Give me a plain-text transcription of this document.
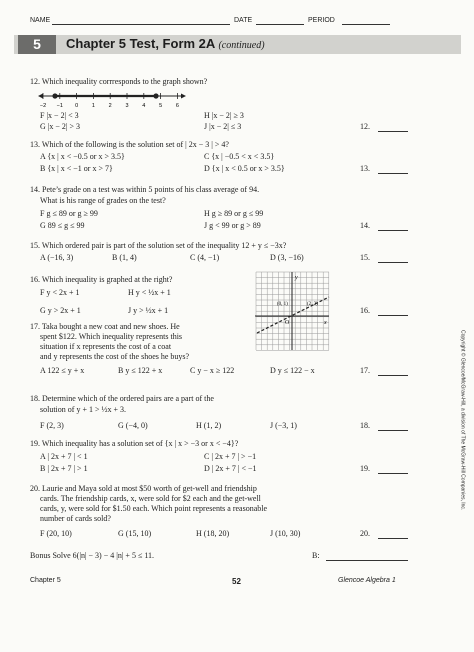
NAME	DATE	PERIOD
5	Chapter 5 Test, Form 2A (continued)
12. Which inequality corrresponds to the graph shown?
−2 −1 0 1 2 3 4 5 6
F |x − 2| < 3
G |x − 2| > 3
H |x − 2| ≥ 3
J |x − 2| ≤ 3	12.
13. Which of the following is the solution set of | 2x − 3 | > 4?
A {x | x < −0.5 or x > 3.5}
B {x | x < −1 or x > 7}
C {x | −0.5 < x < 3.5}
D {x | x < 0.5 or x > 3.5}	13.
14. Pete’s grade on a test was within 5 points of his class average of 94.
What is his range of grades on the test?
F g ≤ 89 or g ≥ 99
G 89 ≤ g ≤ 99
H g ≥ 89 or g ≤ 99
J g < 99 or g > 89	14.
15. Which ordered pair is part of the solution set of the inequality 12 + y ≤ −3x?
A (−16, 3)	B (1, 4)	C (4, −1)	D (3, −16)	15.
16. Which inequality is graphed at the right?
F y < 2x + 1
G y > 2x + 1
H y < ½x + 1
J y > ½x + 1
y
x
O
(0, 1)	(2, 2)
16.
17. Taka bought a new coat and new shoes. He
spent $122. Which inequality represents this
situation if x represents the cost of a coat
and y represents the cost of the shoes he buys?
A 122 ≤ y + x	B y ≤ 122 + x	C y − x ≥ 122	D y ≤ 122 − x	17.
18. Determine which of the ordered pairs are a part of the
solution of y + 1 > ½x + 3.
F (2, 3)	G (−4, 0)	H (1, 2)	J (−3, 1)	18.
19. Which inequality has a solution set of {x | x > −3 or x < −4}?
A | 2x + 7 | < 1
B | 2x + 7 | > 1
C | 2x + 7 | > −1
D | 2x + 7 | < −1	19.
20. Laurie and Maya sold at most $50 worth of get-well and friendship
cards. The friendship cards, x, were sold for $2 each and the get-well
cards, y, were sold for $1.50 each. Which point represents a reasonable
number of cards sold?
F (20, 10)	G (15, 10)	H (18, 20)	J (10, 30)	20.
Bonus Solve 6(|n| − 3) − 4 |n| + 5 ≤ 11.	B:
Copyright © Glencoe/McGraw-Hill, a division of The McGraw-Hill Companies, Inc.
Chapter 5	52	Glencoe Algebra 1
